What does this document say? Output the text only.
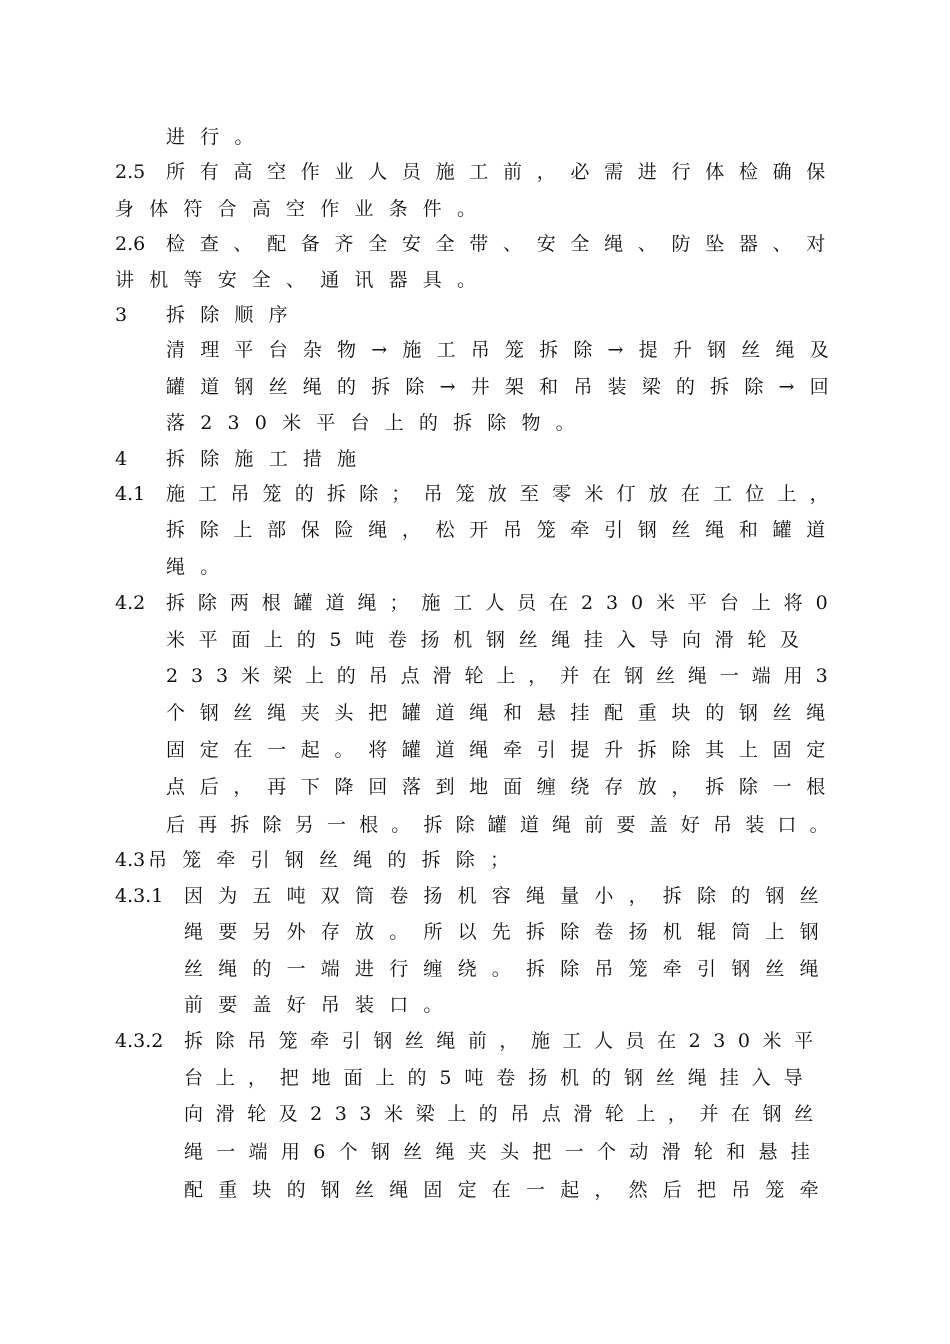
进行。
2.5 所有高空作业人员施工前，必需进行体检确保
身体符合高空作业条件。
2.6 检查、配备齐全安全带、安全绳、防坠器、对
讲机等安全、通讯器具。
3 拆除顺序
清理平台杂物→施工吊笼拆除→提升钢丝绳及
罐道钢丝绳的拆除→井架和吊装梁的拆除→回
落230米平台上的拆除物。
4 拆除施工措施
4.1 施工吊笼的拆除；吊笼放至零米仃放在工位上，
拆除上部保险绳，松开吊笼牵引钢丝绳和罐道
绳。
4.2 拆除两根罐道绳；施工人员在230米平台上将0
米平面上的5吨卷扬机钢丝绳挂入导向滑轮及
233米梁上的吊点滑轮上，并在钢丝绳一端用3
个钢丝绳夹头把罐道绳和悬挂配重块的钢丝绳
固定在一起。将罐道绳牵引提升拆除其上固定
点后，再下降回落到地面缠绕存放，拆除一根
后再拆除另一根。拆除罐道绳前要盖好吊装口。
4.3 吊笼牵引钢丝绳的拆除；
4.3.1 因为五吨双筒卷扬机容绳量小，拆除的钢丝
绳要另外存放。所以先拆除卷扬机辊筒上钢
丝绳的一端进行缠绕。拆除吊笼牵引钢丝绳
前要盖好吊装口。
4.3.2 拆除吊笼牵引钢丝绳前，施工人员在230米平
台上，把地面上的5吨卷扬机的钢丝绳挂入导
向滑轮及233米梁上的吊点滑轮上，并在钢丝
绳一端用6个钢丝绳夹头把一个动滑轮和悬挂
配重块的钢丝绳固定在一起，然后把吊笼牵
